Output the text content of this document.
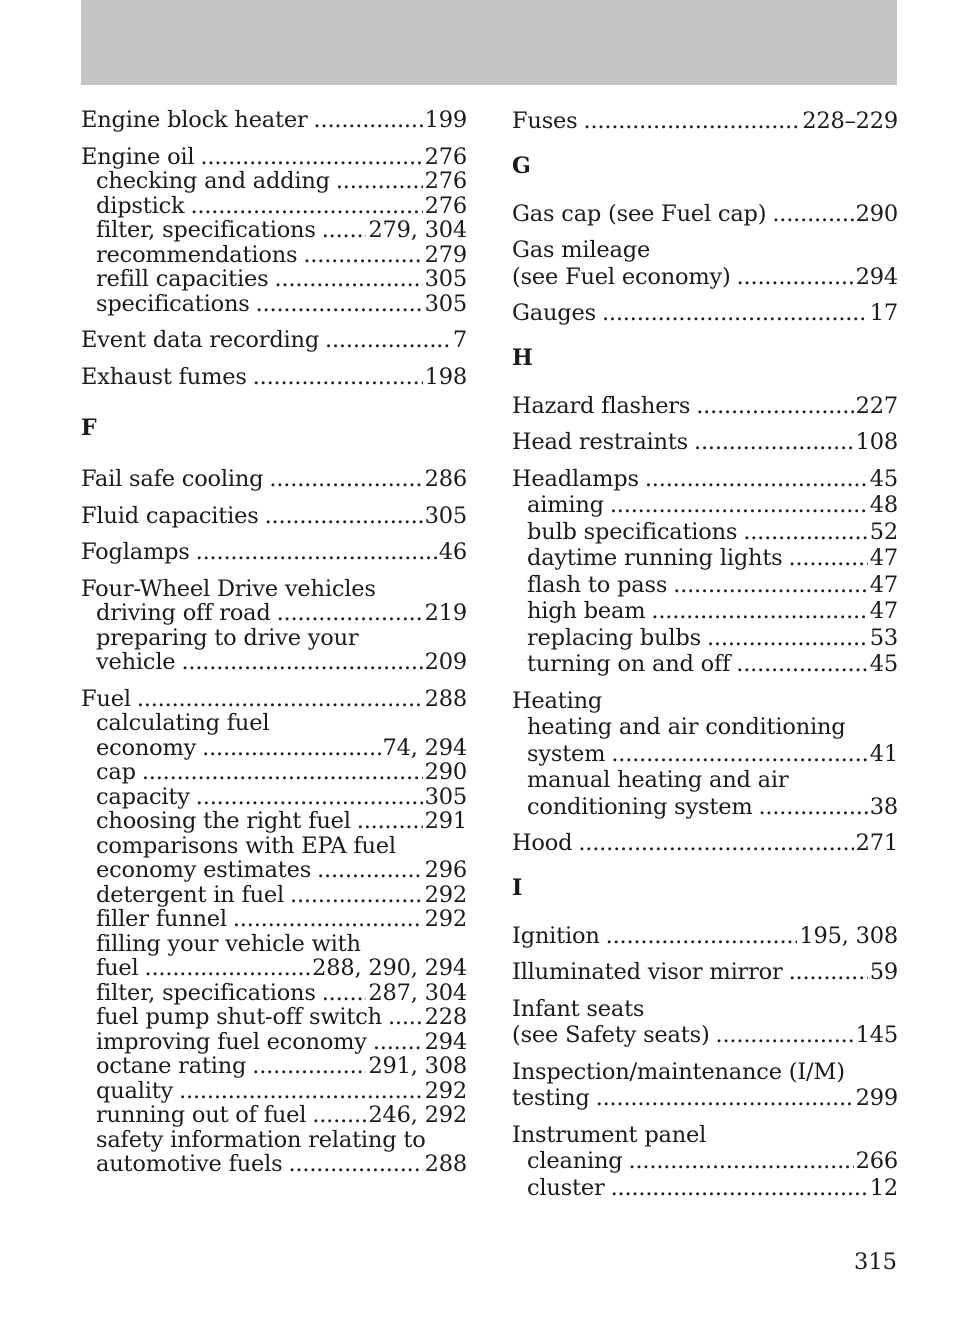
Engine block heater .....	199
Engine oil .....	276
checking and adding .....	276
dipstick .....	276
filter, specifications ..... 279, 304
recommendations .....	279
refill capacities .....	305
specifications .....	305
Event data recording .....	7
Exhaust fumes .....	198
F
Fail safe cooling .....	286
Fluid capacities .....	305
Foglamps .....	46
Four-Wheel Drive vehicles
driving off road .....	219
preparing to drive your
vehicle .....	209
Fuel .....	288
calculating fuel
economy .....	74, 294
cap .....	290
capacity .....	305
choosing the right fuel .....	291
comparisons with EPA fuel
economy estimates .....	296
detergent in fuel .....	292
filler funnel .....	292
filling your vehicle with
fuel .....	288, 290, 294
filter, specifications ..... 287, 304
fuel pump shut-off switch ..... 228
improving fuel economy .....	294
octane rating .....	291, 308
quality .....	292
running out of fuel .....	246, 292
safety information relating to
automotive fuels .....	288
Fuses .....	228–229
G
Gas cap (see Fuel cap) .....	290
Gas mileage
(see Fuel economy) .....	294
Gauges .....	17
H
Hazard flashers .....	227
Head restraints .....	108
Headlamps .....	45
aiming .....	48
bulb specifications .....	52
daytime running lights .....	47
flash to pass .....	47
high beam .....	47
replacing bulbs .....	53
turning on and off .....	45
Heating
heating and air conditioning
system .....	41
manual heating and air
conditioning system .....	38
Hood .....	271
I
Ignition .....	195, 308
Illuminated visor mirror .....	59
Infant seats
(see Safety seats) .....	145
Inspection/maintenance (I/M)
testing .....	299
Instrument panel
cleaning .....	266
cluster .....	12
315
